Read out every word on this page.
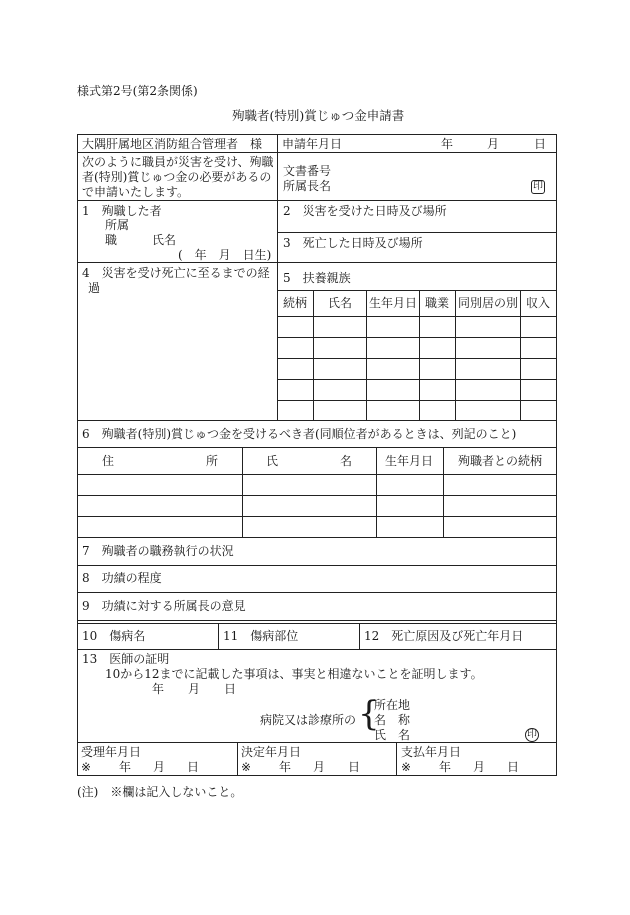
様式第2号(第2条関係)
殉職者(特別)賞じゅつ金申請書
大隅肝属地区消防組合管理者　様 申請年月日	年	月	日
次のように職員が災害を受け、殉職
者(特別)賞じゅつ金の必要があるの
で申請いたします。
文書番号
所属長名	印
1　殉職した者
所属
職	氏名
(　年　月　日生)
2　災害を受けた日時及び場所
3　死亡した日時及び場所
4　災害を受け死亡に至るまでの経
過
5　扶養親族
続柄 氏名 生年月日 職業 同別居の別 収入
6　殉職者(特別)賞じゅつ金を受けるべき者(同順位者があるときは、列記のこと)
住	所	氏	名	生年月日 殉職者との続柄
7　殉職者の職務執行の状況
8　功績の程度
9　功績に対する所属長の意見
10　傷病名	11　傷病部位	12　死亡原因及び死亡年月日
13　医師の証明
10から12までに記載した事項は、事実と相違ないことを証明します。
年　　月　　日
病院又は診療所の {
所在地
名　称
氏　名	印
受理年月日
※ 年 月 日
決定年月日
※ 年 月 日
支払年月日
※ 年 月 日
(注)　※欄は記入しないこと。
